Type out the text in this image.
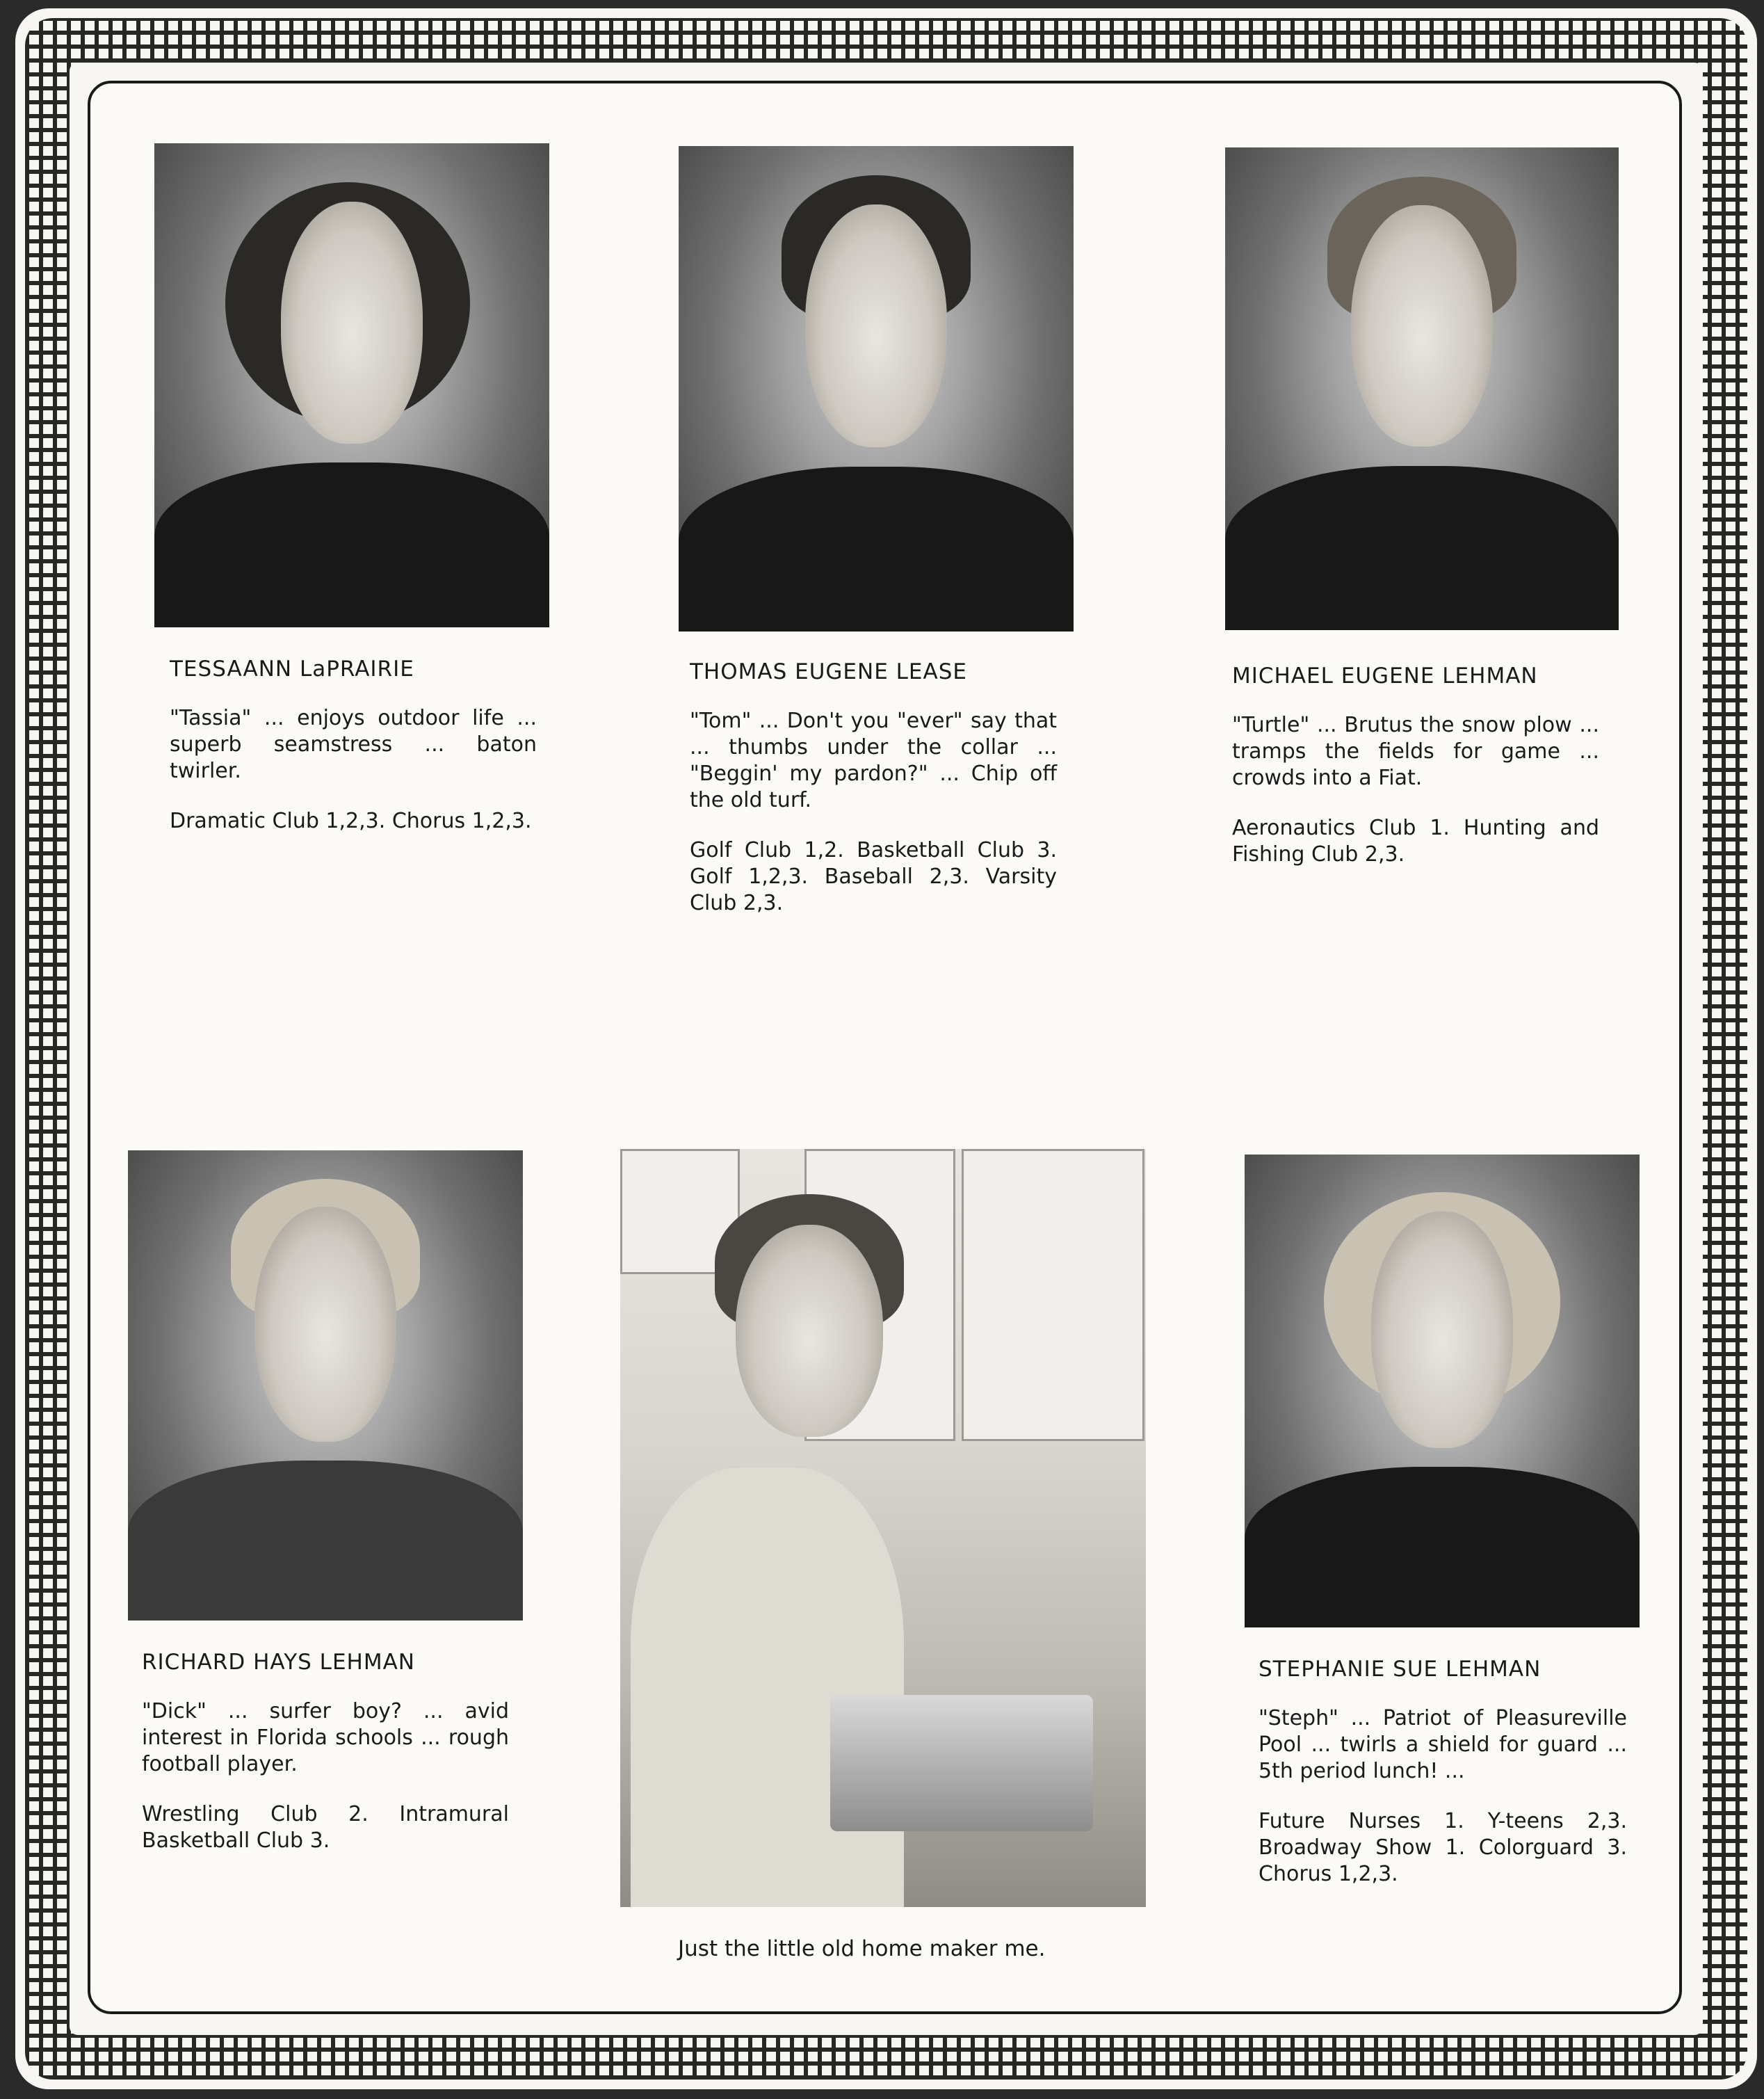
TESSAANN LaPRAIRIE
"Tassia" ... enjoys outdoor life ... superb seamstress ... baton twirler.
Dramatic Club 1,2,3. Chorus 1,2,3.
THOMAS EUGENE LEASE
"Tom" ... Don't you "ever" say that ... thumbs under the collar ... "Beggin' my pardon?" ... Chip off the old turf.
Golf Club 1,2. Basketball Club 3. Golf 1,2,3. Baseball 2,3. Varsity Club 2,3.
MICHAEL EUGENE LEHMAN
"Turtle" ... Brutus the snow plow ... tramps the fields for game ... crowds into a Fiat.
Aeronautics Club 1. Hunting and Fishing Club 2,3.
RICHARD HAYS LEHMAN
"Dick" ... surfer boy? ... avid interest in Florida schools ... rough football player.
Wrestling Club 2. Intramural Basketball Club 3.
STEPHANIE SUE LEHMAN
"Steph" ... Patriot of Pleasureville Pool ... twirls a shield for guard ... 5th period lunch! ...
Future Nurses 1. Y-teens 2,3. Broadway Show 1. Colorguard 3. Chorus 1,2,3.
Just the little old home maker me.
